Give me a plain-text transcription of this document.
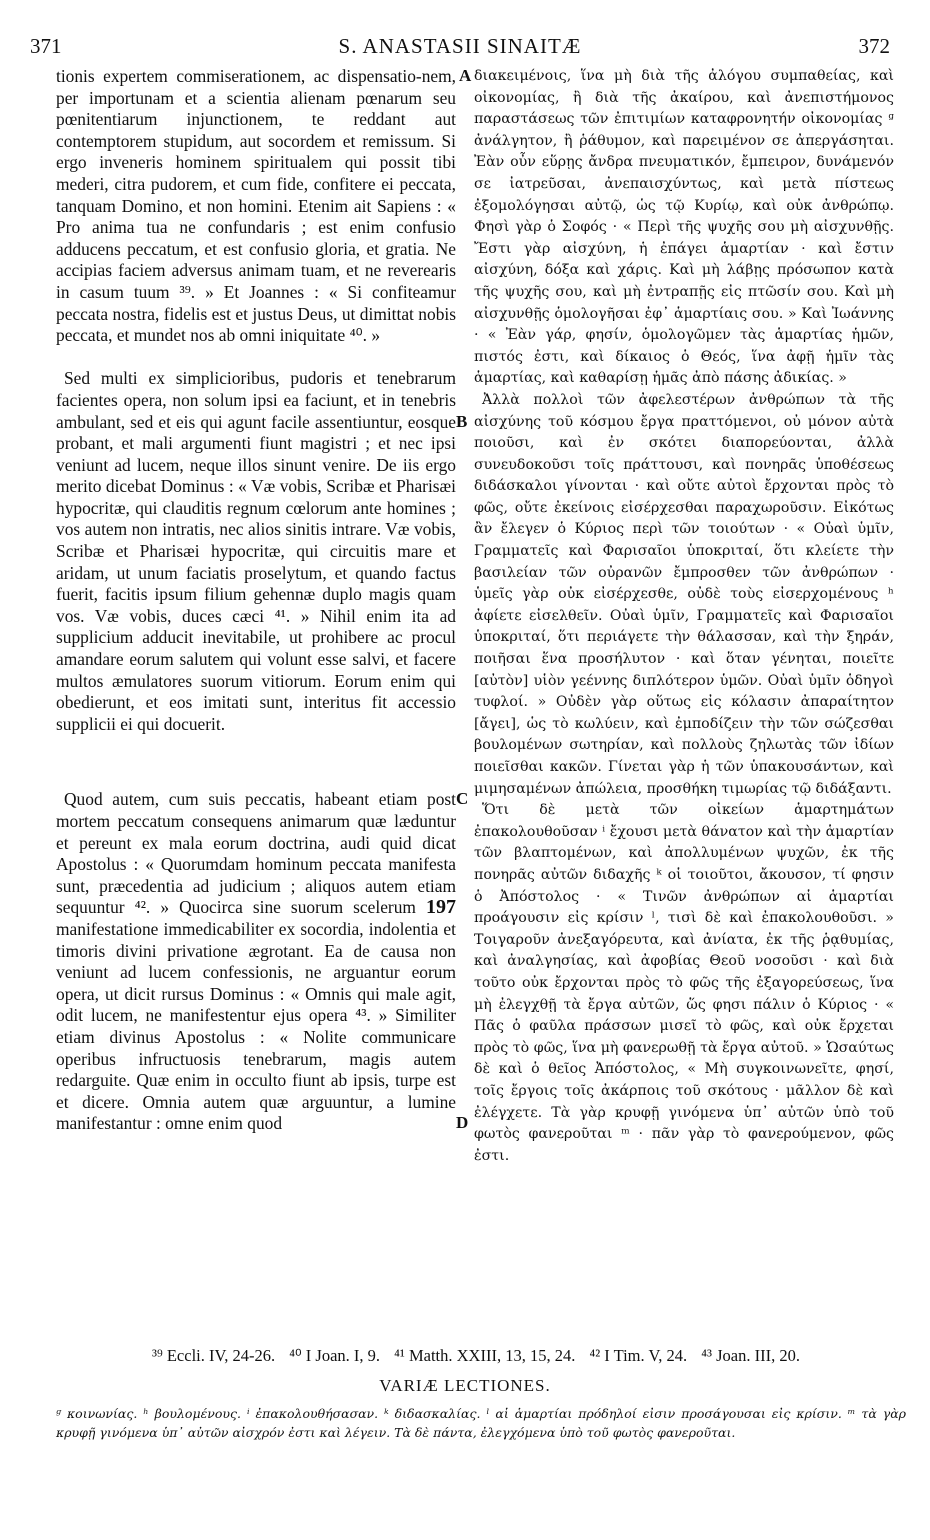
371	S. ANASTASII SINAITÆ	372

tionis expertem commiserationem, ac dispensatio-nem, per importunam et a scientia alienam pœnarum seu pœnitentiarum injunctionem, te reddant aut contemptorem stupidum, aut socordem et remissum. Si ergo inveneris hominem spiritualem qui possit tibi mederi, citra pudorem, et cum fide, confitere ei peccata, tanquam Domino, et non homini. Etenim ait Sapiens : « Pro anima tua ne confundaris ; est enim confusio adducens peccatum, et est confusio gloria, et gratia. Ne accipias faciem adversus animam tuam, et ne reverearis in casum tuum ³⁹. » Et Joannes : « Si confiteamur peccata nostra, fidelis est et justus Deus, ut dimittat nobis peccata, et mundet nos ab omni iniquitate ⁴⁰. »

Sed multi ex simplicioribus, pudoris et tenebrarum facientes opera, non solum ipsi ea faciunt, et in tenebris ambulant, sed et eis qui agunt facile assentiuntur, eosque probant, et mali argumenti fiunt magistri ; et nec ipsi veniunt ad lucem, neque illos sinunt venire. De iis ergo merito dicebat Dominus : « Væ vobis, Scribæ et Pharisæi hypocritæ, qui clauditis regnum cœlorum ante homines ; vos autem non intratis, nec alios sinitis intrare. Væ vobis, Scribæ et Pharisæi hypocritæ, qui circuitis mare et aridam, ut unum faciatis proselytum, et quando factus fuerit, facitis ipsum filium gehennæ duplo magis quam vos. Væ vobis, duces cæci ⁴¹. » Nihil enim ita ad supplicium adducit inevitabile, ut prohibere ac procul amandare eorum salutem qui volunt esse salvi, et facere multos æmulatores suorum vitiorum. Eorum enim qui obedierunt, et eos imitati sunt, interitus fit accessio supplicii ei qui docuerit.

Quod autem, cum suis peccatis, habeant etiam post mortem peccatum consequens animarum quæ læduntur et pereunt ex mala eorum doctrina, audi quid dicat Apostolus : « Quorumdam hominum peccata manifesta sunt, præcedentia ad judicium ; aliquos autem etiam sequuntur ⁴². » Quocirca sine suorum scelerum 197 manifestatione immedicabiliter ex socordia, indolentia et timoris divini privatione ægrotant. Ea de causa non veniunt ad lucem confessionis, ne arguantur eorum opera, ut dicit rursus Dominus : « Omnis qui male agit, odit lucem, ne manifestentur ejus opera ⁴³. » Similiter etiam divinus Apostolus : « Nolite communicare operibus infructuosis tenebrarum, magis autem redarguite. Quæ enim in occulto fiunt ab ipsis, turpe est et dicere. Omnia autem quæ arguuntur, a lumine manifestantur : omne enim quod

A
B
C
D

διακειμένοις, ἵνα μὴ διὰ τῆς ἀλόγου συμπαθείας, καὶ οἰκονομίας, ἢ διὰ τῆς ἀκαίρου, καὶ ἀνεπιστήμονος παραστάσεως τῶν ἐπιτιμίων καταφρονητήν οἰκονομίας ᵍ ἀνάλγητον, ἢ ῥάθυμον, καὶ παρειμένον σε ἀπεργάσηται. Ἐὰν οὖν εὕρῃς ἄνδρα πνευματικόν, ἔμπειρον, δυνάμενόν σε ἰατρεῦσαι, ἀνεπαισχύντως, καὶ μετὰ πίστεως ἐξομολόγησαι αὐτῷ, ὡς τῷ Κυρίῳ, καὶ οὐκ ἀνθρώπῳ. Φησὶ γὰρ ὁ Σοφός · « Περὶ τῆς ψυχῆς σου μὴ αἰσχυνθῇς. Ἔστι γὰρ αἰσχύνη, ἡ ἐπάγει ἁμαρτίαν · καὶ ἔστιν αἰσχύνη, δόξα καὶ χάρις. Καὶ μὴ λάβῃς πρόσωπον κατὰ τῆς ψυχῆς σου, καὶ μὴ ἐντραπῇς εἰς πτῶσίν σου. Καὶ μὴ αἰσχυνθῇς ὁμολογῆσαι ἐφ᾽ ἁμαρτίαις σου. » Καὶ Ἰωάννης · « Ἐὰν γάρ, φησίν, ὁμολογῶμεν τὰς ἁμαρτίας ἡμῶν, πιστός ἐστι, καὶ δίκαιος ὁ Θεός, ἵνα ἀφῇ ἡμῖν τὰς ἁμαρτίας, καὶ καθαρίσῃ ἡμᾶς ἀπὸ πάσης ἀδικίας. »

Ἀλλὰ πολλοὶ τῶν ἀφελεστέρων ἀνθρώπων τὰ τῆς αἰσχύνης τοῦ κόσμου ἔργα πραττόμενοι, οὐ μόνον αὐτὰ ποιοῦσι, καὶ ἐν σκότει διαπορεύονται, ἀλλὰ συνευδοκοῦσι τοῖς πράττουσι, καὶ πονηρᾶς ὑποθέσεως διδάσκαλοι γίνονται · καὶ οὔτε αὐτοὶ ἔρχονται πρὸς τὸ φῶς, οὔτε ἐκείνοις εἰσέρχεσθαι παραχωροῦσιν. Εἰκότως ἂν ἔλεγεν ὁ Κύριος περὶ τῶν τοιούτων · « Οὐαὶ ὑμῖν, Γραμματεῖς καὶ Φαρισαῖοι ὑποκριταί, ὅτι κλείετε τὴν βασιλείαν τῶν οὐρανῶν ἔμπροσθεν τῶν ἀνθρώπων · ὑμεῖς γὰρ οὐκ εἰσέρχεσθε, οὐδὲ τοὺς εἰσερχομένους ʰ ἀφίετε εἰσελθεῖν. Οὐαὶ ὑμῖν, Γραμματεῖς καὶ Φαρισαῖοι ὑποκριταί, ὅτι περιάγετε τὴν θάλασσαν, καὶ τὴν ξηράν, ποιῆσαι ἕνα προσήλυτον · καὶ ὅταν γένηται, ποιεῖτε [αὐτὸν] υἱὸν γεέννης διπλότερον ὑμῶν. Οὐαὶ ὑμῖν ὁδηγοὶ τυφλοί. » Οὐδὲν γὰρ οὕτως εἰς κόλασιν ἀπαραίτητον [ἄγει], ὡς τὸ κωλύειν, καὶ ἐμποδίζειν τὴν τῶν σώζεσθαι βουλομένων σωτηρίαν, καὶ πολλοὺς ζηλωτὰς τῶν ἰδίων ποιεῖσθαι κακῶν. Γίνεται γὰρ ἡ τῶν ὑπακουσάντων, καὶ μιμησαμένων ἀπώλεια, προσθήκη τιμωρίας τῷ διδάξαντι.

Ὅτι δὲ μετὰ τῶν οἰκείων ἁμαρτημάτων ἐπακολουθοῦσαν ⁱ ἔχουσι μετὰ θάνατον καὶ τὴν ἁμαρτίαν τῶν βλαπτομένων, καὶ ἀπολλυμένων ψυχῶν, ἐκ τῆς πονηρᾶς αὐτῶν διδαχῆς ᵏ οἱ τοιοῦτοι, ἄκουσον, τί φησιν ὁ Ἀπόστολος · « Τινῶν ἀνθρώπων αἱ ἁμαρτίαι προάγουσιν εἰς κρίσιν ˡ, τισὶ δὲ καὶ ἐπακολουθοῦσι. » Τοιγαροῦν ἀνεξαγόρευτα, καὶ ἀνίατα, ἐκ τῆς ῥᾳθυμίας, καὶ ἀναλγησίας, καὶ ἀφοβίας Θεοῦ νοσοῦσι · καὶ διὰ τοῦτο οὐκ ἔρχονται πρὸς τὸ φῶς τῆς ἐξαγορεύσεως, ἵνα μὴ ἐλεγχθῇ τὰ ἔργα αὐτῶν, ὥς φησι πάλιν ὁ Κύριος · « Πᾶς ὁ φαῦλα πράσσων μισεῖ τὸ φῶς, καὶ οὐκ ἔρχεται πρὸς τὸ φῶς, ἵνα μὴ φανερωθῇ τὰ ἔργα αὐτοῦ. » Ὡσαύτως δὲ καὶ ὁ θεῖος Ἀπόστολος, « Μὴ συγκοινωνεῖτε, φησί, τοῖς ἔργοις τοῖς ἀκάρποις τοῦ σκότους · μᾶλλον δὲ καὶ ἐλέγχετε. Τὰ γὰρ κρυφῇ γινόμενα ὑπ᾽ αὐτῶν ὑπὸ τοῦ φωτὸς φανεροῦται ᵐ · πᾶν γὰρ τὸ φανερούμενον, φῶς ἐστι.

³⁹ Eccli. IV, 24-26. ⁴⁰ I Joan. I, 9. ⁴¹ Matth. XXIII, 13, 15, 24. ⁴² I Tim. V, 24. ⁴³ Joan. III, 20.
VARIÆ LECTIONES.
ᵍ κοινωνίας. ʰ βουλομένους. ⁱ ἐπακολουθήσασαν. ᵏ διδασκαλίας. ˡ αἱ ἁμαρτίαι πρόδηλοί εἰσιν προσάγουσαι εἰς κρίσιν. ᵐ τὰ γὰρ κρυφῇ γινόμενα ὑπ᾽ αὐτῶν αἰσχρόν ἐστι καὶ λέγειν. Τὰ δὲ πάντα, ἐλεγχόμενα ὑπὸ τοῦ φωτὸς φανεροῦται.
